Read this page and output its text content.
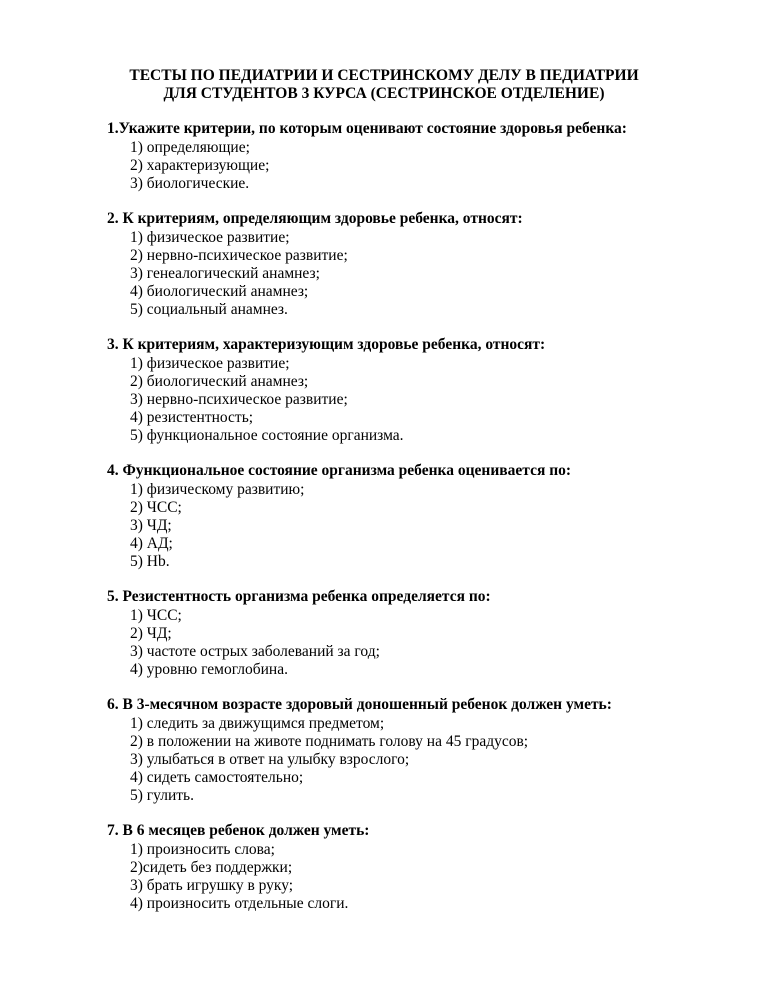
ТЕСТЫ ПО ПЕДИАТРИИ И СЕСТРИНСКОМУ ДЕЛУ В ПЕДИАТРИИ
ДЛЯ СТУДЕНТОВ 3 КУРСА (СЕСТРИНСКОЕ ОТДЕЛЕНИЕ)
1.Укажите критерии, по которым оценивают состояние здоровья ребенка:
1) определяющие;
2) характеризующие;
3) биологические.
2. К критериям, определяющим здоровье ребенка, относят:
1) физическое развитие;
2) нервно-психическое развитие;
3) генеалогический анамнез;
4) биологический анамнез;
5) социальный анамнез.
3. К критериям, характеризующим здоровье ребенка, относят:
1) физическое развитие;
2) биологический анамнез;
3) нервно-психическое развитие;
4) резистентность;
5) функциональное состояние организма.
4. Функциональное состояние организма ребенка оценивается по:
1) физическому развитию;
2) ЧСС;
3) ЧД;
4) АД;
5) Hb.
5. Резистентность организма ребенка определяется по:
1) ЧСС;
2) ЧД;
3) частоте острых заболеваний за год;
4) уровню гемоглобина.
6. В 3-месячном возрасте здоровый доношенный ребенок должен уметь:
1) следить за движущимся предметом;
2) в положении на животе поднимать голову на 45 градусов;
3) улыбаться в ответ на улыбку взрослого;
4) сидеть самостоятельно;
5) гулить.
7. В 6 месяцев ребенок должен уметь:
1) произносить слова;
2)сидеть без поддержки;
3) брать игрушку в руку;
4) произносить отдельные слоги.
